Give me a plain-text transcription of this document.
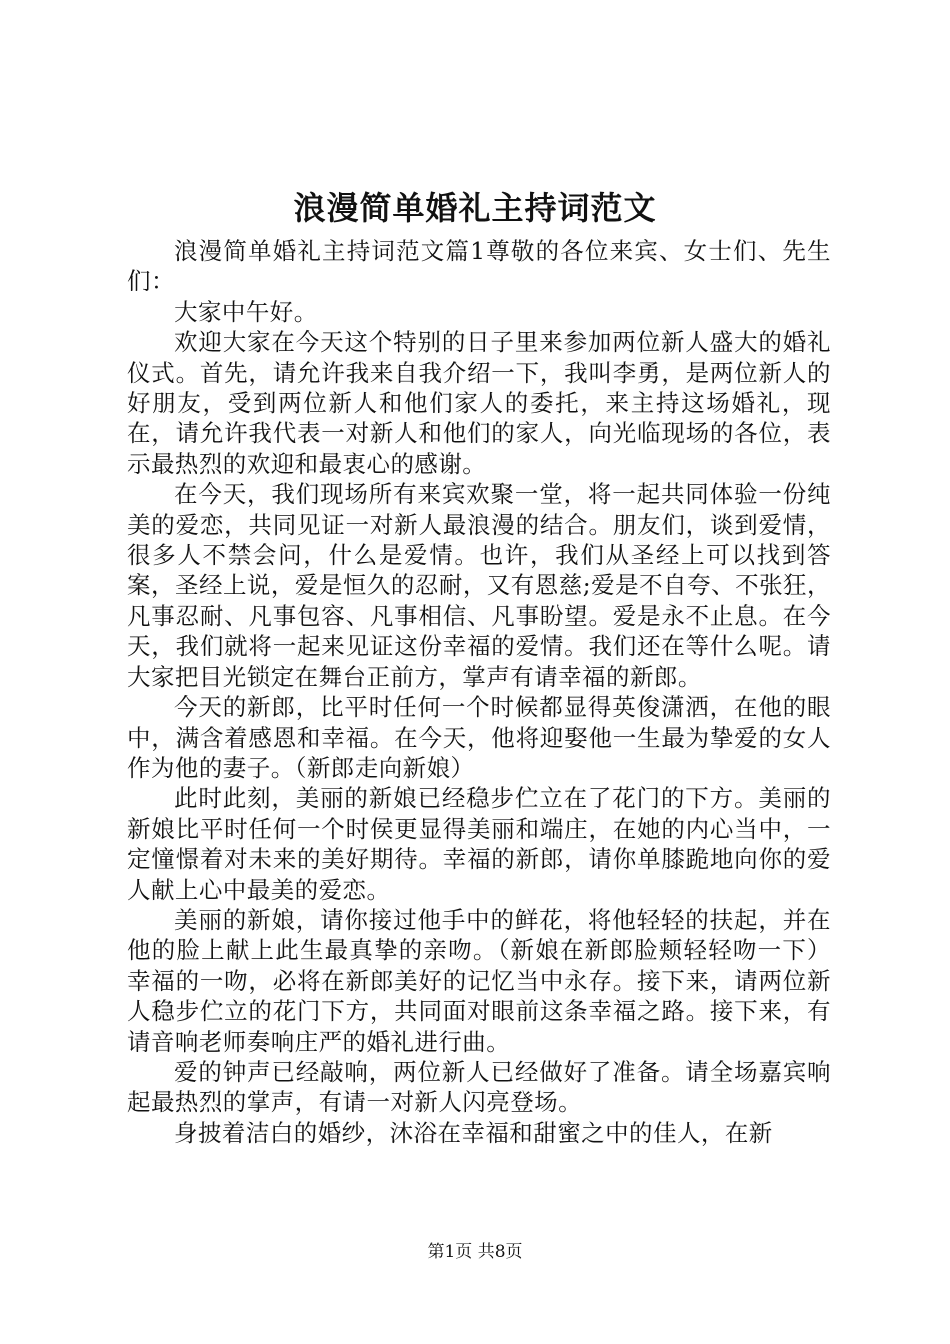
浪漫简单婚礼主持词范文

浪漫简单婚礼主持词范文篇1尊敬的各位来宾、女士们、先生们：

大家中午好。

欢迎大家在今天这个特别的日子里来参加两位新人盛大的婚礼仪式。首先，请允许我来自我介绍一下，我叫李勇，是两位新人的好朋友，受到两位新人和他们家人的委托，来主持这场婚礼，现在，请允许我代表一对新人和他们的家人，向光临现场的各位，表示最热烈的欢迎和最衷心的感谢。

在今天，我们现场所有来宾欢聚一堂，将一起共同体验一份纯美的爱恋，共同见证一对新人最浪漫的结合。朋友们，谈到爱情，很多人不禁会问，什么是爱情。也许，我们从圣经上可以找到答案，圣经上说，爱是恒久的忍耐，又有恩慈;爱是不自夸、不张狂，凡事忍耐、凡事包容、凡事相信、凡事盼望。爱是永不止息。在今天，我们就将一起来见证这份幸福的爱情。我们还在等什么呢。请大家把目光锁定在舞台正前方，掌声有请幸福的新郎。

今天的新郎，比平时任何一个时候都显得英俊潇洒，在他的眼中，满含着感恩和幸福。在今天，他将迎娶他一生最为挚爱的女人作为他的妻子。（新郎走向新娘）

此时此刻，美丽的新娘已经稳步伫立在了花门的下方。美丽的新娘比平时任何一个时侯更显得美丽和端庄，在她的内心当中，一定憧憬着对未来的美好期待。幸福的新郎，请你单膝跪地向你的爱人献上心中最美的爱恋。

美丽的新娘，请你接过他手中的鲜花，将他轻轻的扶起，并在他的脸上献上此生最真挚的亲吻。（新娘在新郎脸颊轻轻吻一下）幸福的一吻，必将在新郎美好的记忆当中永存。接下来，请两位新人稳步伫立的花门下方，共同面对眼前这条幸福之路。接下来，有请音响老师奏响庄严的婚礼进行曲。

爱的钟声已经敲响，两位新人已经做好了准备。请全场嘉宾响起最热烈的掌声，有请一对新人闪亮登场。

身披着洁白的婚纱，沐浴在幸福和甜蜜之中的佳人，在新

第1页 共8页
